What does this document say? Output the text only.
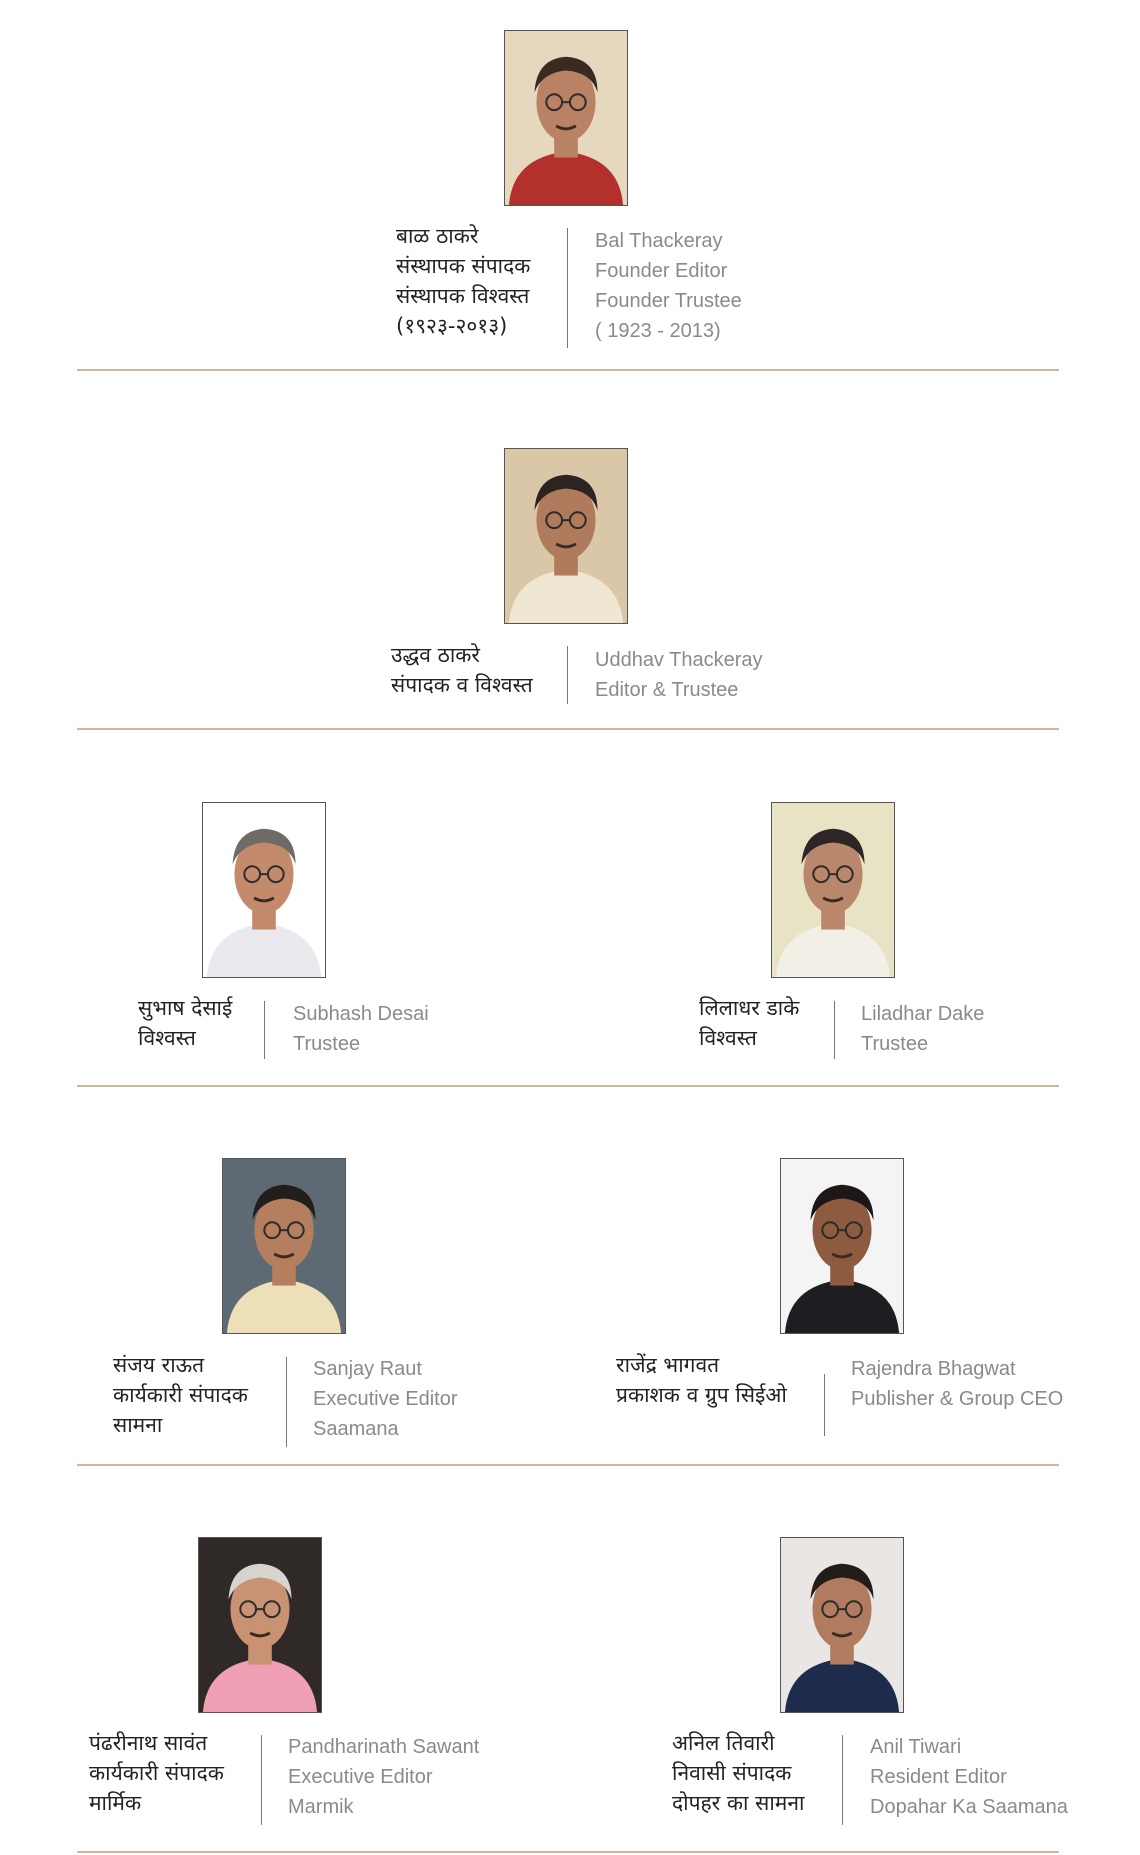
बाळ ठाकरे
संस्थापक संपादक
संस्थापक विश्वस्त
(१९२३-२०१३)
Bal Thackeray
Founder Editor
Founder Trustee
( 1923 - 2013)
उद्धव ठाकरे
संपादक व विश्वस्त
Uddhav Thackeray
Editor & Trustee
सुभाष देसाई
विश्वस्त
Subhash Desai
Trustee
लिलाधर डाके
विश्वस्त
Liladhar Dake
Trustee
संजय राऊत
कार्यकारी संपादक
सामना
Sanjay Raut
Executive Editor
Saamana
राजेंद्र भागवत
प्रकाशक व ग्रुप सिईओ
Rajendra Bhagwat
Publisher & Group CEO
पंढरीनाथ सावंत
कार्यकारी संपादक
मार्मिक
Pandharinath Sawant
Executive Editor
Marmik
अनिल तिवारी
निवासी संपादक
दोपहर का सामना
Anil Tiwari
Resident Editor
Dopahar Ka Saamana
